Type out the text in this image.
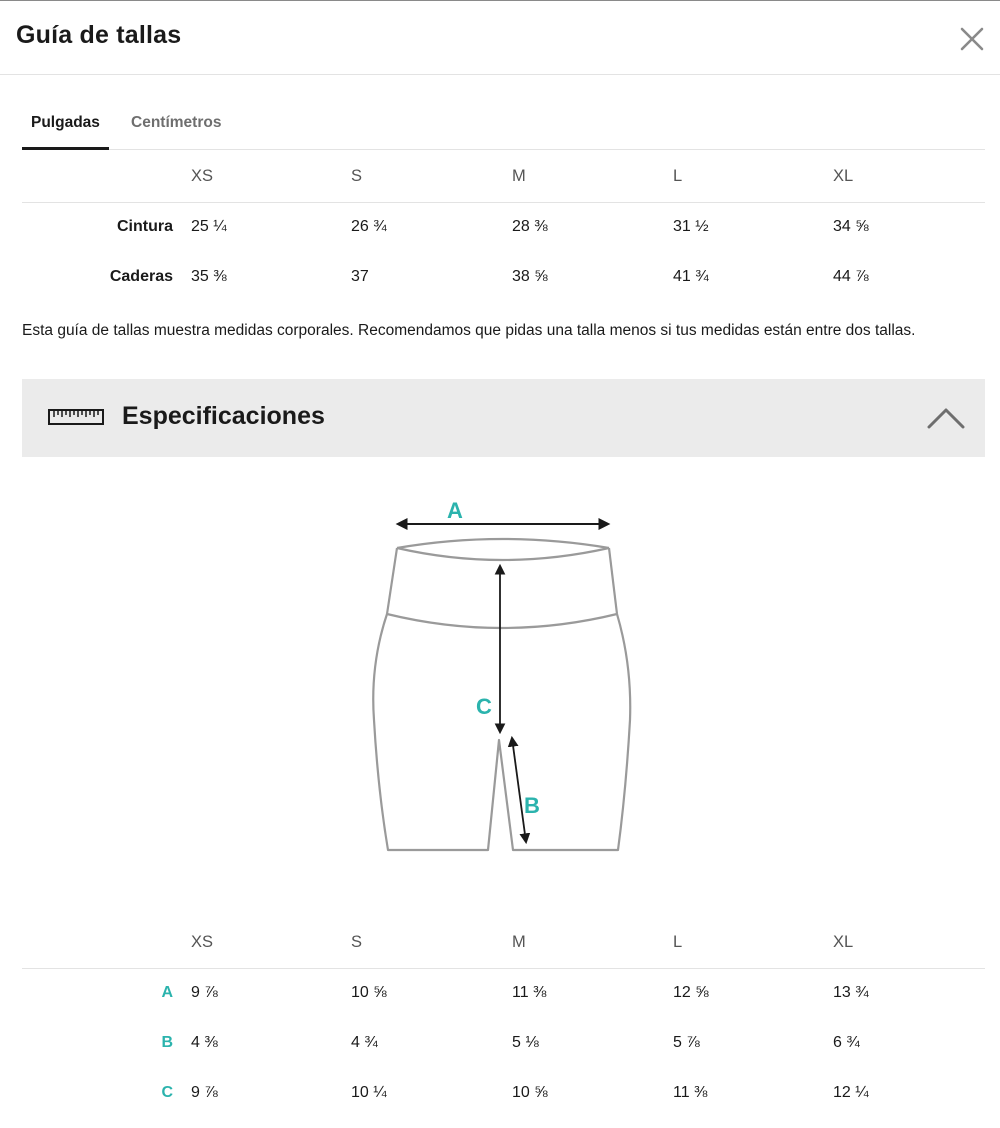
Guía de tallas
Pulgadas	Centímetros
XS	S	M	L	XL
Cintura 25 ¼	26 ¾	28 ⅜	31 ½	34 ⅝
Caderas 35 ⅜	37	38 ⅝	41 ¾	44 ⅞
Esta guía de tallas muestra medidas corporales. Recomendamos que pidas una talla menos si tus medidas están entre dos tallas.
Especificaciones
A
C
B
XS	S	M	L	XL
A 9 ⅞	10 ⅝	11 ⅜	12 ⅝	13 ¾
B 4 ⅜	4 ¾	5 ⅛	5 ⅞	6 ¾
C 9 ⅞	10 ¼	10 ⅝	11 ⅜	12 ¼
